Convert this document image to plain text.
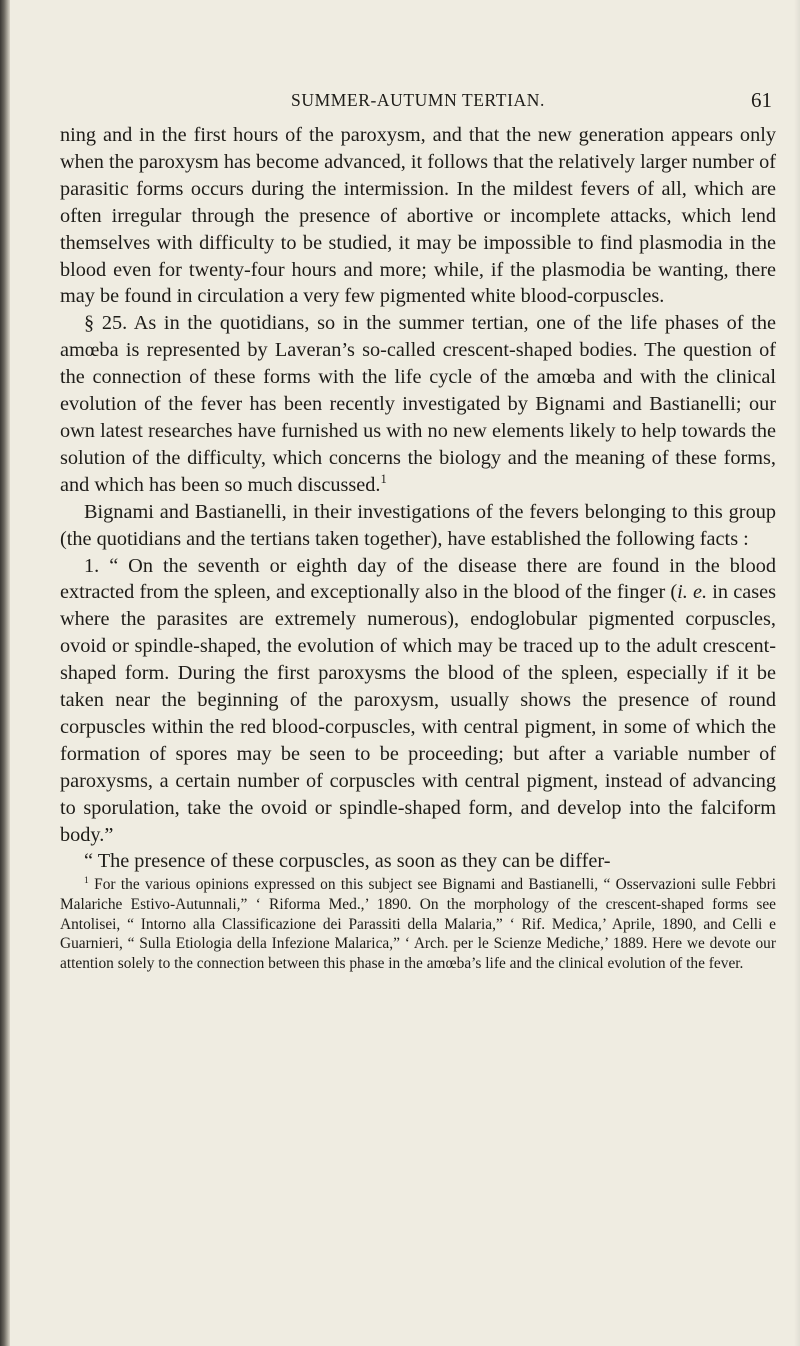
SUMMER-AUTUMN TERTIAN.	61

ning and in the first hours of the paroxysm, and that the new generation appears only when the paroxysm has become advanced, it follows that the relatively larger number of parasitic forms occurs during the intermission. In the mildest fevers of all, which are often irregular through the presence of abortive or incomplete attacks, which lend themselves with difficulty to be studied, it may be impossible to find plasmodia in the blood even for twenty-four hours and more; while, if the plasmodia be wanting, there may be found in circulation a very few pigmented white blood-corpuscles.

§ 25. As in the quotidians, so in the summer tertian, one of the life phases of the amœba is represented by Laveran’s so-called crescent-shaped bodies. The question of the connection of these forms with the life cycle of the amœba and with the clinical evolution of the fever has been recently investigated by Bignami and Bastianelli; our own latest researches have furnished us with no new elements likely to help towards the solution of the difficulty, which concerns the biology and the meaning of these forms, and which has been so much discussed.$^1$

Bignami and Bastianelli, in their investigations of the fevers belonging to this group (the quotidians and the tertians taken together), have established the following facts :

1. “ On the seventh or eighth day of the disease there are found in the blood extracted from the spleen, and exceptionally also in the blood of the finger (i. e. in cases where the parasites are extremely numerous), endoglobular pigmented corpuscles, ovoid or spindle-shaped, the evolution of which may be traced up to the adult crescent-shaped form. During the first paroxysms the blood of the spleen, especially if it be taken near the beginning of the paroxysm, usually shows the presence of round corpuscles within the red blood-corpuscles, with central pigment, in some of which the formation of spores may be seen to be proceeding; but after a variable number of paroxysms, a certain number of corpuscles with central pigment, instead of advancing to sporulation, take the ovoid or spindle-shaped form, and develop into the falciform body.”

“ The presence of these corpuscles, as soon as they can be differ-

$^1$ For the various opinions expressed on this subject see Bignami and Bastianelli, “ Osservazioni sulle Febbri Malariche Estivo-Autunnali,” ‘ Riforma Med.,’ 1890. On the morphology of the crescent-shaped forms see Antolisei, “ Intorno alla Classificazione dei Parassiti della Malaria,” ‘ Rif. Medica,’ Aprile, 1890, and Celli e Guarnieri, “ Sulla Etiologia della Infezione Malarica,” ‘ Arch. per le Scienze Mediche,’ 1889. Here we devote our attention solely to the connection between this phase in the amœba’s life and the clinical evolution of the fever.
